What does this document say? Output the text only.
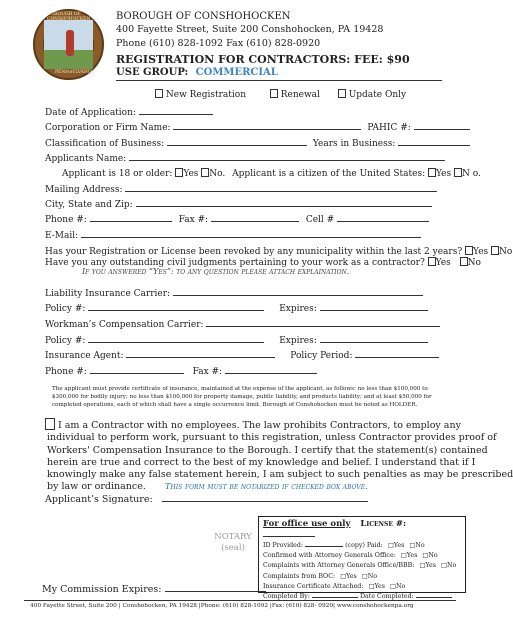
BOROUGH OF CONSHOHOCKEN
PENNSYLVANIA
BOROUGH OF CONSHOHOCKEN
400 Fayette Street, Suite 200 Conshohocken, PA 19428
Phone (610) 828-1092 Fax (610) 828-0920
REGISTRATION FOR CONTRACTORS: FEE: $90
USE GROUP: COMMERCIAL
New Registration	Renewal	Update Only
Date of Application:
Corporation or Firm Name:	PAHIC #:
Classification of Business:	Years in Business:
Applicants Name:
Applicant is 18 or older: Yes No. Applicant is a citizen of the United States: Yes N o.
Mailing Address:
City, State and Zip:
Phone #:	Fax #:	Cell #
E-Mail:
Has your Registration or License been revoked by any municipality within the last 2 years? Yes No
Have you any outstanding civil judgments pertaining to your work as a contractor? Yes No
If you answered “Yes”: to any question please attach explaination.
Liability Insurance Carrier:
Policy #:	Expires:
Workman’s Compensation Carrier:
Policy #:	Expires:
Insurance Agent:	Policy Period:
Phone #:	Fax #:
The applicant must provide certificate of insurance, maintained at the expense of the applicant, as follows: no less than $100,000 to
$300,000 for bodily injury; no less than $100,000 for property damage, public liability, and products liability; and at least $50,000 for
completed operations, each of which shall have a single occurrence limit. Borough of Conshohocken must be noted as HOLDER.
I am a Contractor with no employees. The law prohibits Contractors, to employ any
individual to perform work, pursuant to this registration, unless Contractor provides proof of
Workers' Compensation Insurance to the Borough. I certify that the statement(s) contained
herein are true and correct to the best of my knowledge and belief. I understand that if I
knowingly make any false statement herein, I am subject to such penalties as may be prescribed
by law or ordinance. This form must be notarized if checked box above.
Applicant’s Signature:
NOTARY
(seal)
My Commission Expires:
For office use only License #:
ID Provided:	(copy) Paid: □Yes □No
Confirmed with Attorney Generals Office: □Yes □No
Complaints with Attorney Generals Office/BBB: □Yes □No
Complaints from BOC: □Yes □No
Insurance Certificate Attached: □Yes □No
Completed By:	Date Completed:
400 Fayette Street, Suite 200 | Conshohocken, PA 19428 |Phone: (610) 828-1092 |Fax: (610) 828- 0920| www.conshohockenpa.org
